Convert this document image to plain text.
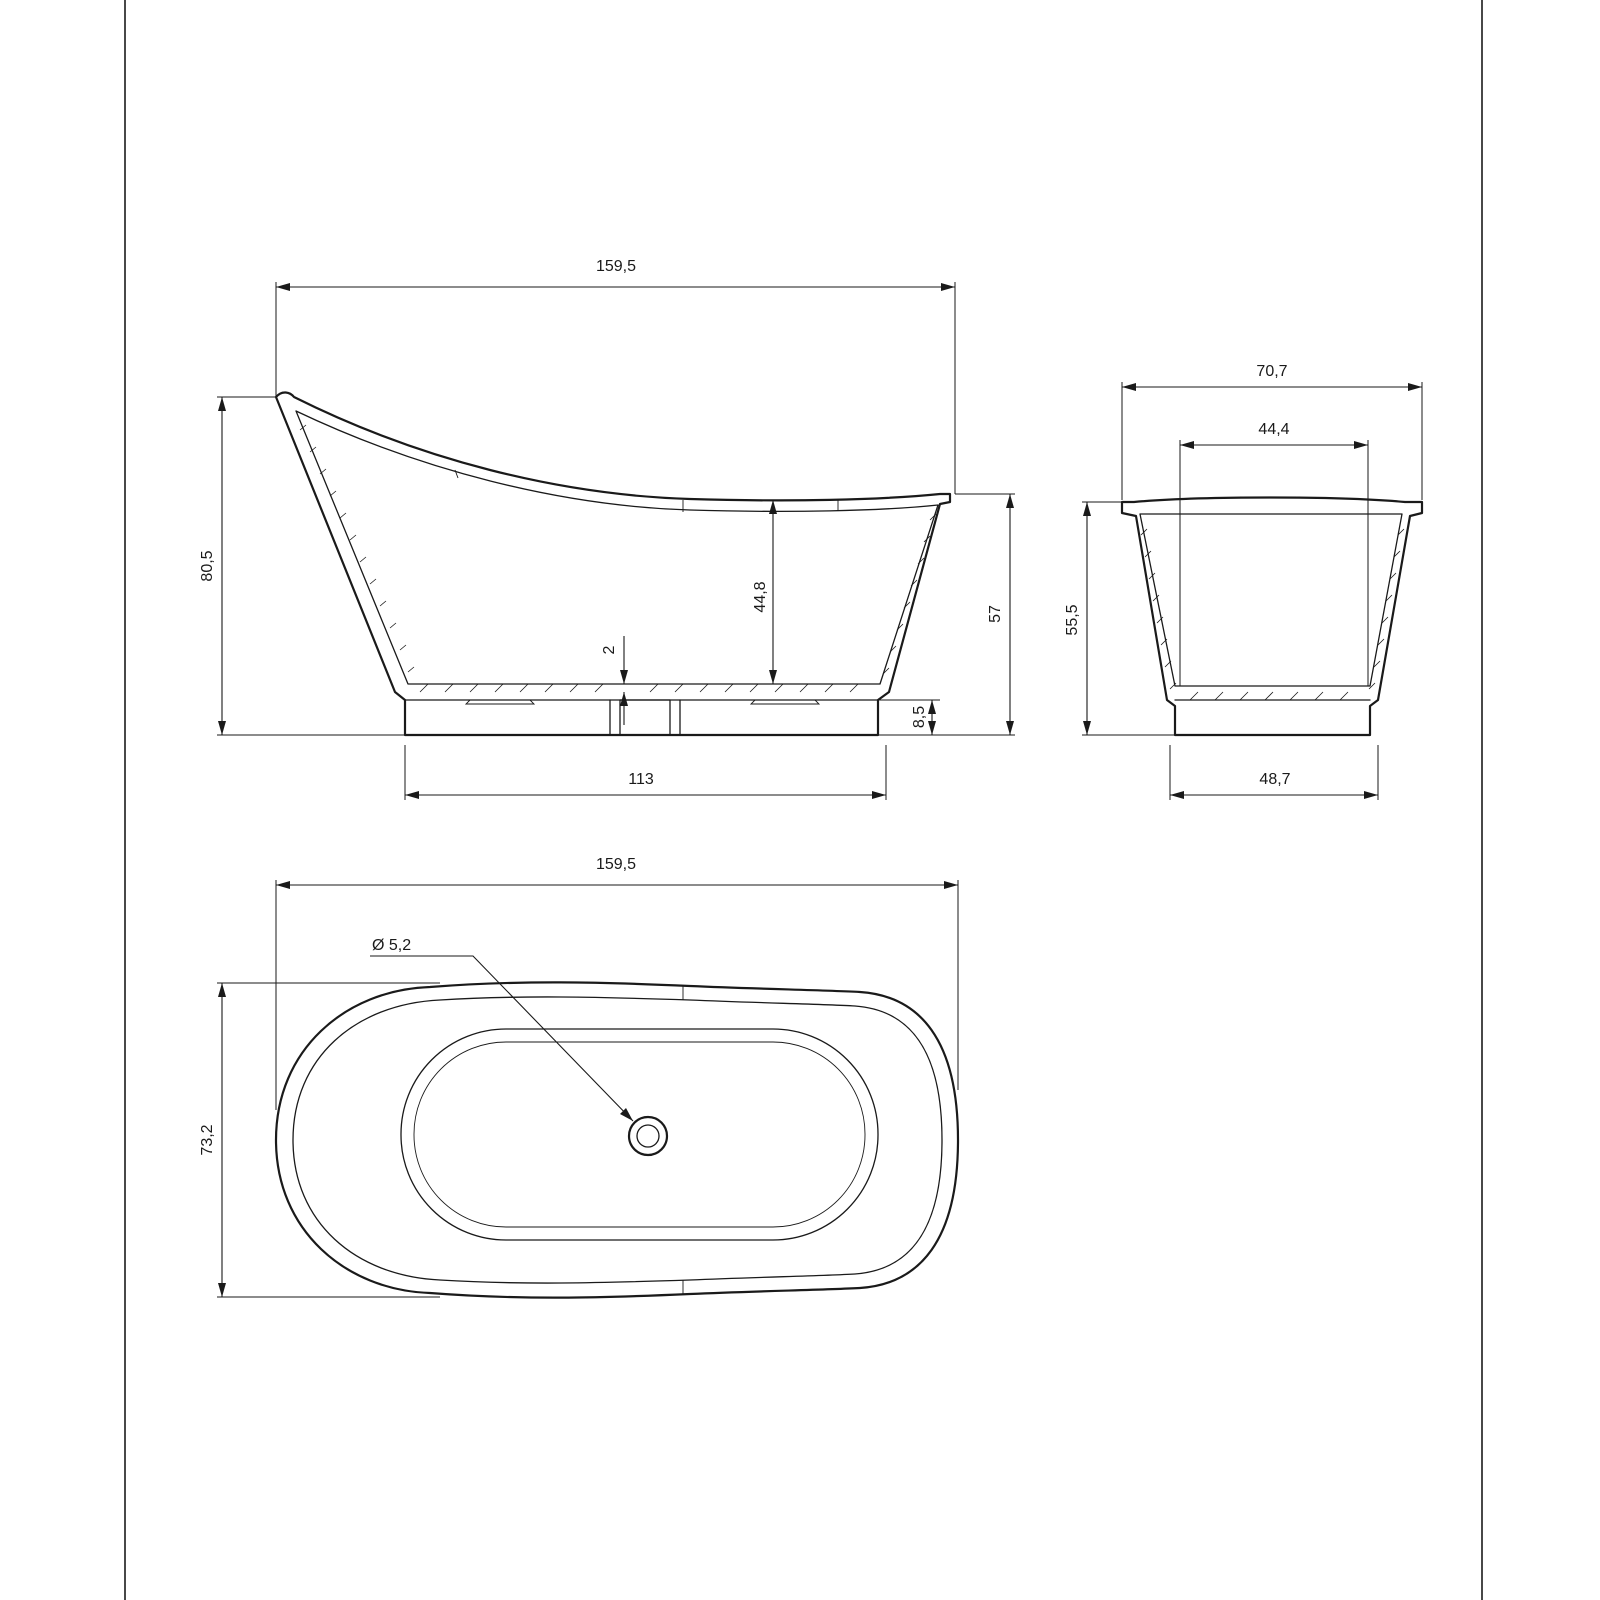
159,5
80,5
44,8
2
57
8,5
113
70,7
44,4
55,5
48,7
159,5
73,2
Ø 5,2
